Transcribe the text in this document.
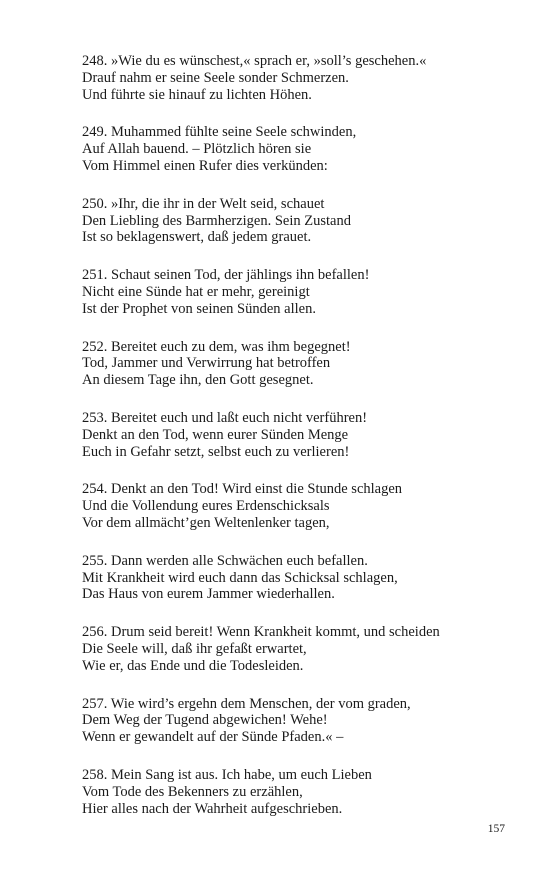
248. »Wie du es wünschest,« sprach er, »soll’s geschehen.«
Drauf nahm er seine Seele sonder Schmerzen.
Und führte sie hinauf zu lichten Höhen.
249. Muhammed fühlte seine Seele schwinden,
Auf Allah bauend. – Plötzlich hören sie
Vom Himmel einen Rufer dies verkünden:
250. »Ihr, die ihr in der Welt seid, schauet
Den Liebling des Barmherzigen. Sein Zustand
Ist so beklagenswert, daß jedem grauet.
251. Schaut seinen Tod, der jählings ihn befallen!
Nicht eine Sünde hat er mehr, gereinigt
Ist der Prophet von seinen Sünden allen.
252. Bereitet euch zu dem, was ihm begegnet!
Tod, Jammer und Verwirrung hat betroffen
An diesem Tage ihn, den Gott gesegnet.
253. Bereitet euch und laßt euch nicht verführen!
Denkt an den Tod, wenn eurer Sünden Menge
Euch in Gefahr setzt, selbst euch zu verlieren!
254. Denkt an den Tod! Wird einst die Stunde schlagen
Und die Vollendung eures Erdenschicksals
Vor dem allmächt’gen Weltenlenker tagen,
255. Dann werden alle Schwächen euch befallen.
Mit Krankheit wird euch dann das Schicksal schlagen,
Das Haus von eurem Jammer wiederhallen.
256. Drum seid bereit! Wenn Krankheit kommt, und scheiden
Die Seele will, daß ihr gefaßt erwartet,
Wie er, das Ende und die Todesleiden.
257. Wie wird’s ergehn dem Menschen, der vom graden,
Dem Weg der Tugend abgewichen! Wehe!
Wenn er gewandelt auf der Sünde Pfaden.« –
258. Mein Sang ist aus. Ich habe, um euch Lieben
Vom Tode des Bekenners zu erzählen,
Hier alles nach der Wahrheit aufgeschrieben.
157
